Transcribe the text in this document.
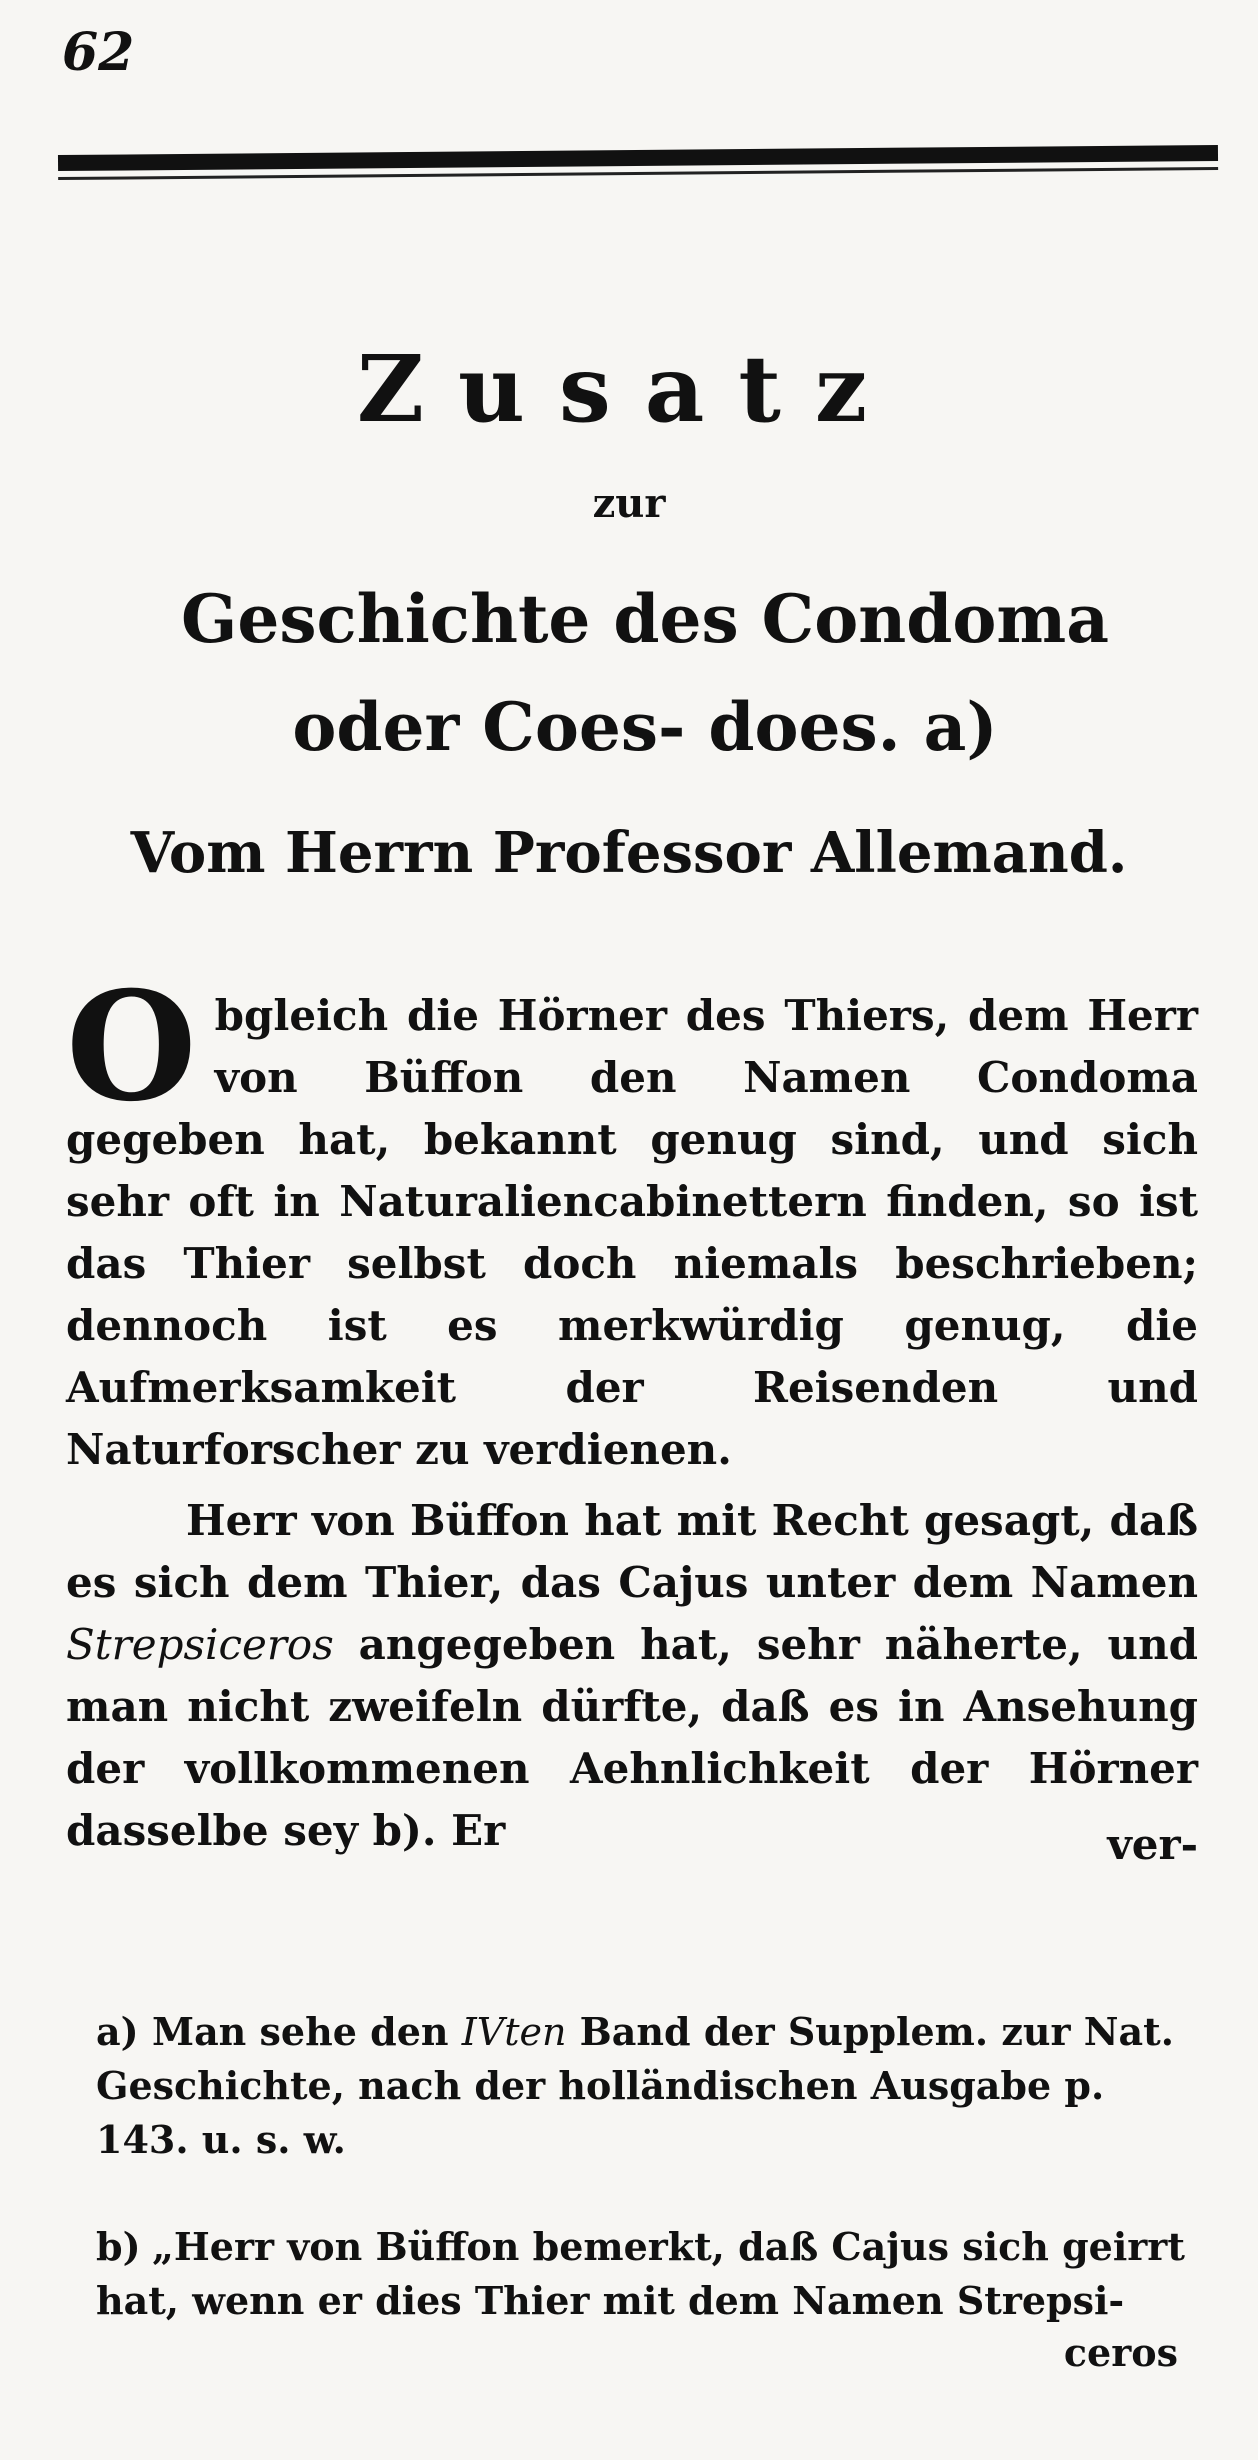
62
Zusatz
zur
Geschichte des Condoma oder Coes- does. a)
Vom Herrn Professor Allemand.
O bgleich die Hörner des Thiers, dem Herr von Büffon den Namen Condoma gegeben hat, bekannt genug sind, und sich sehr oft in Naturaliencabinettern finden, so ist das Thier selbst doch niemals beschrieben; dennoch ist es merkwürdig genug, die Aufmerksamkeit der Reisenden und Naturforscher zu verdienen.
Herr von Büffon hat mit Recht gesagt, daß es sich dem Thier, das Cajus unter dem Namen Strepsiceros angegeben hat, sehr näherte, und man nicht zweifeln dürfte, daß es in Ansehung der vollkommenen Aehnlichkeit der Hörner dasselbe sey b). Er	ver-
a) Man sehe den IVten Band der Supplem. zur Nat. Geschichte, nach der holländischen Ausgabe p. 143. u. s. w.
b) „Herr von Büffon bemerkt, daß Cajus sich geirrt hat, wenn er dies Thier mit dem Namen Strepsi-
ceros
